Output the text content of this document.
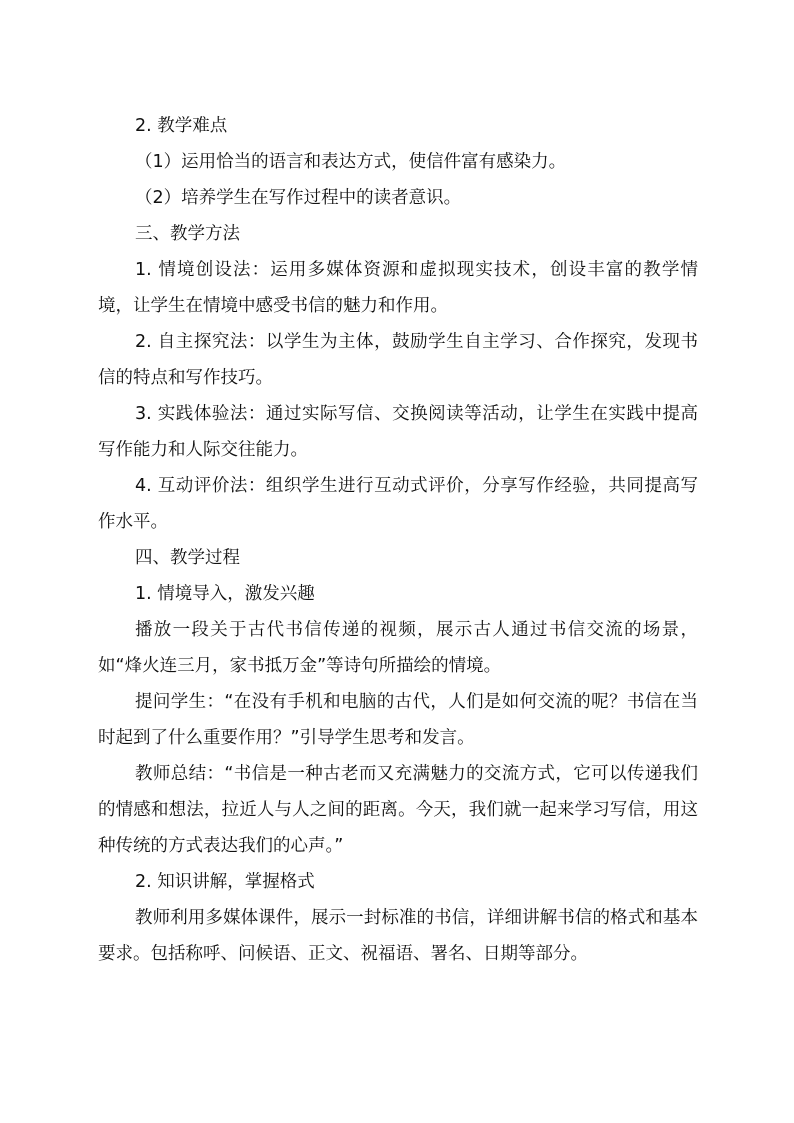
2. 教学难点

（1）运用恰当的语言和表达方式，使信件富有感染力。

（2）培养学生在写作过程中的读者意识。

三、教学方法

1. 情境创设法：运用多媒体资源和虚拟现实技术，创设丰富的教学情境，让学生在情境中感受书信的魅力和作用。

2. 自主探究法：以学生为主体，鼓励学生自主学习、合作探究，发现书信的特点和写作技巧。

3. 实践体验法：通过实际写信、交换阅读等活动，让学生在实践中提高写作能力和人际交往能力。

4. 互动评价法：组织学生进行互动式评价，分享写作经验，共同提高写作水平。

四、教学过程

1. 情境导入，激发兴趣

播放一段关于古代书信传递的视频，展示古人通过书信交流的场景，如“烽火连三月，家书抵万金”等诗句所描绘的情境。

提问学生：“在没有手机和电脑的古代，人们是如何交流的呢？书信在当时起到了什么重要作用？”引导学生思考和发言。

教师总结：“书信是一种古老而又充满魅力的交流方式，它可以传递我们的情感和想法，拉近人与人之间的距离。今天，我们就一起来学习写信，用这种传统的方式表达我们的心声。”

2. 知识讲解，掌握格式

教师利用多媒体课件，展示一封标准的书信，详细讲解书信的格式和基本要求。包括称呼、问候语、正文、祝福语、署名、日期等部分。
